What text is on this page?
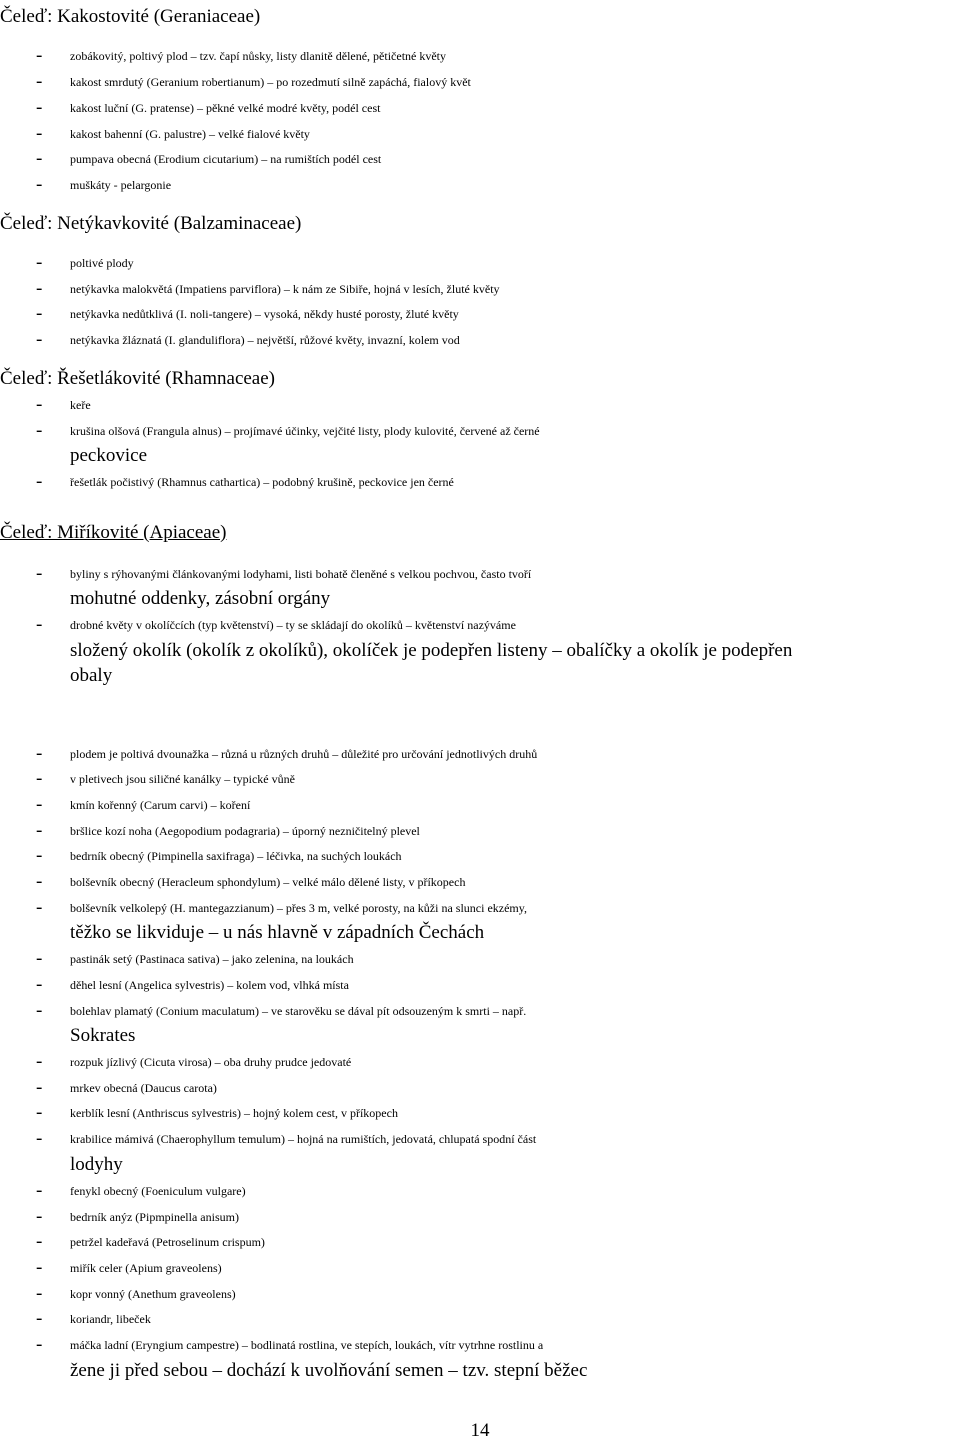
Čeleď: Kakostovité (Geraniaceae)
- zobákovitý, poltivý plod – tzv. čapí nůsky, listy dlanitě dělené, pětičetné květy
- kakost smrdutý (Geranium robertianum) – po rozedmutí silně zapáchá, fialový květ
- kakost luční (G. pratense) – pěkné velké modré květy, podél cest
- kakost bahenní (G. palustre) – velké fialové květy
- pumpava obecná (Erodium cicutarium) – na rumištích podél cest
- muškáty - pelargonie
Čeleď: Netýkavkovité (Balzaminaceae)
- poltivé plody
- netýkavka malokvětá (Impatiens parviflora) – k nám ze Sibiře, hojná v lesích, žluté květy
- netýkavka nedůtklivá (I. noli-tangere) – vysoká, někdy husté porosty, žluté květy
- netýkavka žláznatá (I. glanduliflora) – největší, růžové květy, invazní, kolem vod
Čeleď: Řešetlákovité (Rhamnaceae)
- keře
- krušina olšová (Frangula alnus) – projímavé účinky, vejčité listy, plody kulovité, červené až černé
peckovice
- řešetlák počistivý (Rhamnus cathartica) – podobný krušině, peckovice jen černé
Čeleď: Miříkovité (Apiaceae)
- byliny s rýhovanými článkovanými lodyhami, listi bohatě členěné s velkou pochvou, často tvoří
mohutné oddenky, zásobní orgány
- drobné květy v okolíčcích (typ květenství) – ty se skládají do okolíků – květenství nazýváme
složený okolík (okolík z okolíků), okolíček je podepřen listeny – obalíčky a okolík je podepřen
obaly
- plodem je poltivá dvounažka – různá u různých druhů – důležité pro určování jednotlivých druhů
- v pletivech jsou siličné kanálky – typické vůně
- kmín kořenný (Carum carvi) – koření
- bršlice kozí noha (Aegopodium podagraria) – úporný nezničitelný plevel
- bedrník obecný (Pimpinella saxifraga) – léčivka, na suchých loukách
- bolševník obecný (Heracleum sphondylum) – velké málo dělené listy, v příkopech
- bolševník velkolepý (H. mantegazzianum) – přes 3 m, velké porosty, na kůži na slunci ekzémy,
těžko se likviduje – u nás hlavně v západních Čechách
- pastinák setý (Pastinaca sativa) – jako zelenina, na loukách
- děhel lesní (Angelica sylvestris) – kolem vod, vlhká místa
- bolehlav plamatý (Conium maculatum) – ve starověku se dával pít odsouzeným k smrti – např.
Sokrates
- rozpuk jízlivý (Cicuta virosa) – oba druhy prudce jedovaté
- mrkev obecná (Daucus carota)
- kerblík lesní (Anthriscus sylvestris) – hojný kolem cest, v příkopech
- krabilice mámivá (Chaerophyllum temulum) – hojná na rumištích, jedovatá, chlupatá spodní část
lodyhy
- fenykl obecný (Foeniculum vulgare)
- bedrník anýz (Pipmpinella anisum)
- petržel kadeřavá (Petroselinum crispum)
- miřík celer (Apium graveolens)
- kopr vonný (Anethum graveolens)
- koriandr, libeček
- máčka ladní (Eryngium campestre) – bodlinatá rostlina, ve stepích, loukách, vítr vytrhne rostlinu a
žene ji před sebou – dochází k uvolňování semen – tzv. stepní běžec
14
